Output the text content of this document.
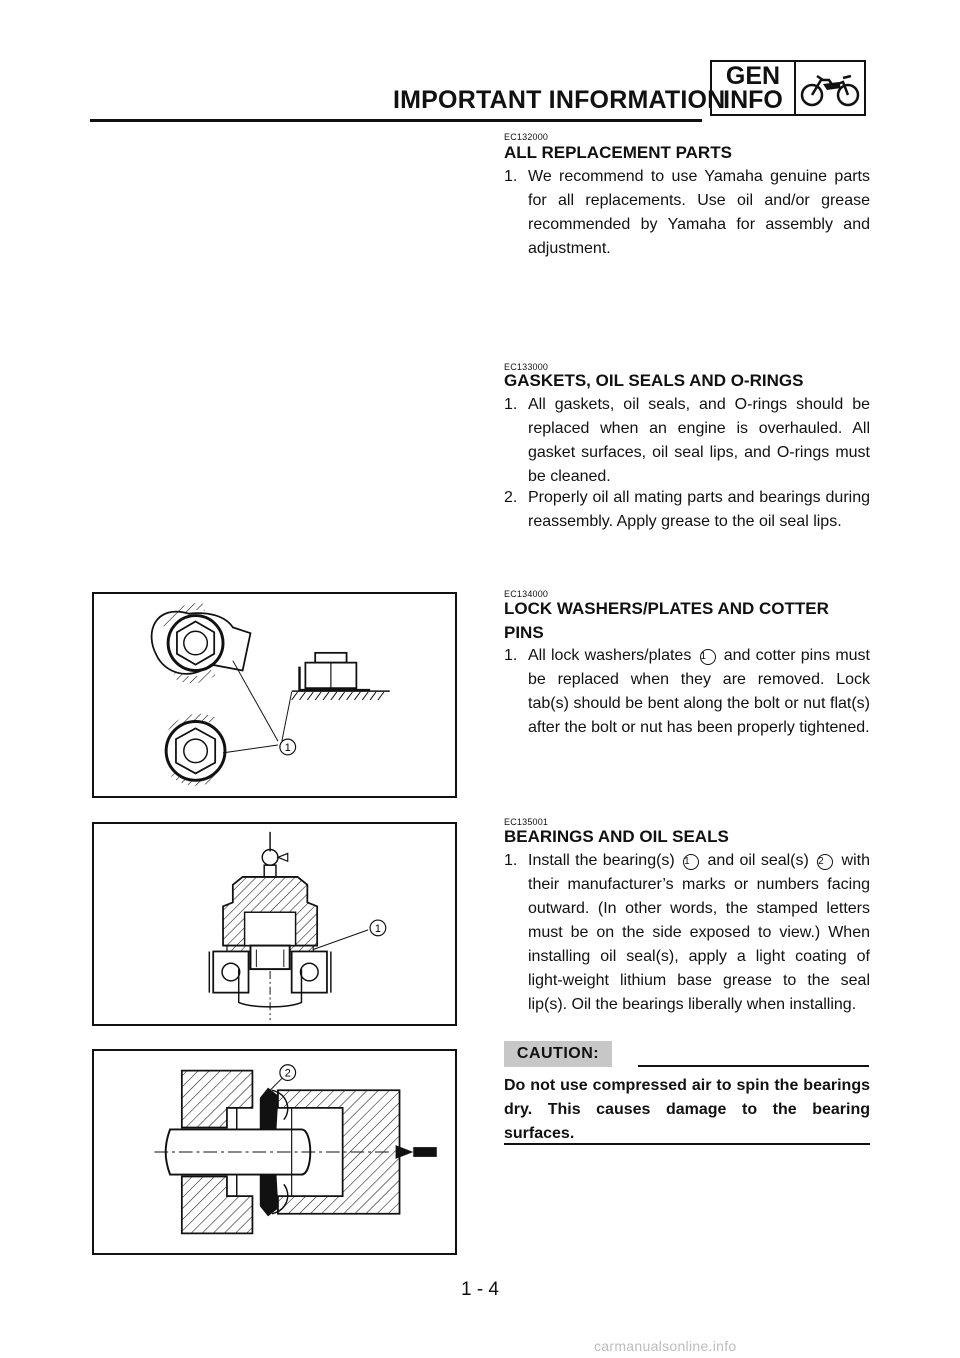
IMPORTANT INFORMATION
GEN
INFO
EC132000
ALL REPLACEMENT PARTS
1. We recommend to use Yamaha genuine parts for all replacements. Use oil and/or grease recommended by Yamaha for assembly and adjustment.
EC133000
GASKETS, OIL SEALS AND O-RINGS
1. All gaskets, oil seals, and O-rings should be replaced when an engine is overhauled. All gasket surfaces, oil seal lips, and O-rings must be cleaned.
2. Properly oil all mating parts and bearings during reassembly. Apply grease to the oil seal lips.
EC134000
LOCK WASHERS/PLATES AND COTTER PINS
1. All lock washers/plates 1 and cotter pins must be replaced when they are removed. Lock tab(s) should be bent along the bolt or nut flat(s) after the bolt or nut has been properly tightened.
EC135001
BEARINGS AND OIL SEALS
1. Install the bearing(s) 1 and oil seal(s) 2 with their manufacturer’s marks or numbers facing outward. (In other words, the stamped letters must be on the side exposed to view.) When installing oil seal(s), apply a light coating of light-weight lithium base grease to the seal lip(s). Oil the bearings liberally when installing.
CAUTION:
Do not use compressed air to spin the bearings dry. This causes damage to the bearing surfaces.
1
1
2
1 - 4
carmanualsonline.info
